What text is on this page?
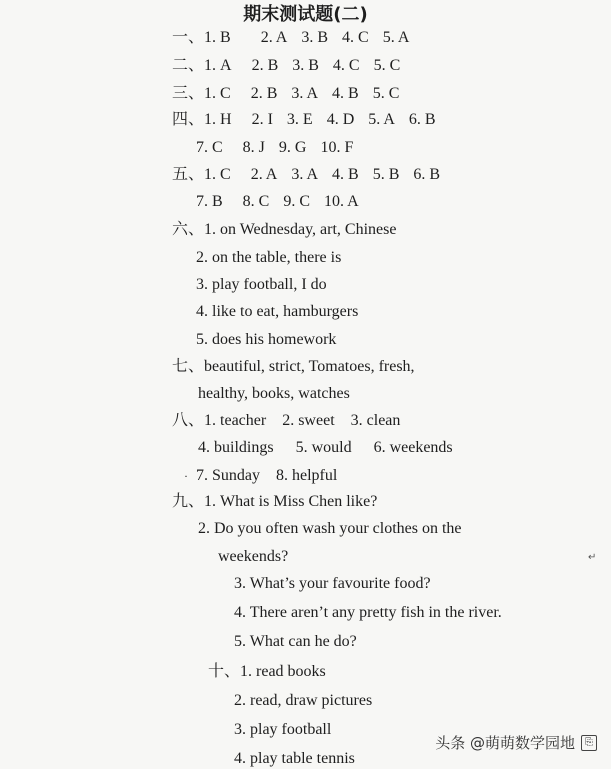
期末测试题(二)
一、1. B 2. A 3. B 4. C 5. A
二、1. A 2. B 3. B 4. C 5. C
三、1. C 2. B 3. A 4. B 5. C
四、1. H 2. I 3. E 4. D 5. A 6. B
7. C 8. J 9. G 10. F
五、1. C 2. A 3. A 4. B 5. B 6. B
7. B 8. C 9. C 10. A
六、1. on Wednesday, art, Chinese
2. on the table, there is
3. play football, I do
4. like to eat, hamburgers
5. does his homework
七、beautiful, strict, Tomatoes, fresh,
healthy, books, watches
八、1. teacher 2. sweet 3. clean
4. buildings 5. would 6. weekends
· 7. Sunday 8. helpful
九、1. What is Miss Chen like?
2. Do you often wash your clothes on the
weekends?	↵
3. What’s your favourite food?
4. There aren’t any pretty fish in the river.
5. What can he do?
十、1. read books
2. read, draw pictures
3. play football
4. play table tennis
头条 @萌萌数学园地
⎘
